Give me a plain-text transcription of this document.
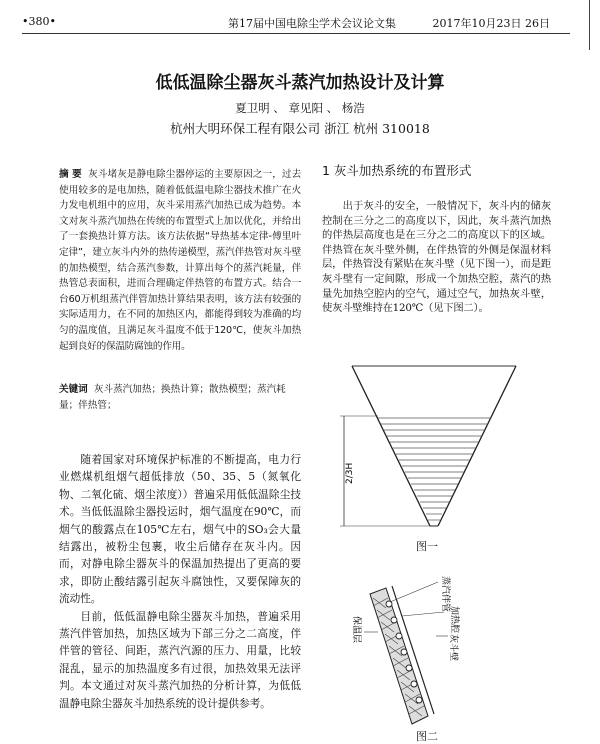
•380•	第17届中国电除尘学术会议论文集	2017年10月23日 26日
低低温除尘器灰斗蒸汽加热设计及计算
夏卫明 、 章见阳 、 杨浩
杭州大明环保工程有限公司 浙江 杭州 310018
摘 要 灰斗堵灰是静电除尘器停运的主要原因之一，过去使用较多的是电加热，随着低低温电除尘器技术推广在火力发电机组中的应用，灰斗采用蒸汽加热已成为趋势。本文对灰斗蒸汽加热在传统的布置型式上加以优化，并给出了一套换热计算方法。该方法依据“导热基本定律-傅里叶定律”，建立灰斗内外的热传递模型，蒸汽伴热管对灰斗壁的加热模型，结合蒸汽参数，计算出每个的蒸汽耗量，伴热管总表面积，进而合理确定伴热管的布置方式。结合一台60万机组蒸汽伴管加热计算结果表明，该方法有较强的实际适用力，在不同的加热区内，都能得到较为准确的均匀的温度值，且满足灰斗温度不低于120℃，使灰斗加热起到良好的保温防腐蚀的作用。
关键词 灰斗蒸汽加热；换热计算；散热模型；蒸汽耗量；伴热管；

随着国家对环境保护标准的不断提高，电力行业燃煤机组烟气超低排放（50、35、5（氮氧化物、二氧化硫、烟尘浓度））普遍采用低低温除尘技术。当低低温除尘器投运时，烟气温度在90℃，而烟气的酸露点在105℃左右，烟气中的SO₃会大量结露出，被粉尘包裹，收尘后储存在灰斗内。因而，对静电除尘器灰斗的保温加热提出了更高的要求，即防止酸结露引起灰斗腐蚀性，又要保障灰的流动性。

目前，低低温静电除尘器灰斗加热，普遍采用蒸汽伴管加热，加热区域为下部三分之二高度，伴伴管的管径、间距，蒸汽汽源的压力、用量，比较混乱，显示的加热温度多有过很，加热效果无法评判。本文通过对灰斗蒸汽加热的分析计算，为低低温静电除尘器灰斗加热系统的设计提供参考。

1 灰斗加热系统的布置形式

出于灰斗的安全，一般情况下，灰斗内的储灰控制在三分之二的高度以下，因此，灰斗蒸汽加热的伴热层高度也是在三分之二的高度以下的区域。伴热管在灰斗壁外侧，在伴热管的外侧是保温材料层，伴热管没有紧贴在灰斗壁（见下图一），而是距灰斗壁有一定间隙，形成一个加热空腔，蒸汽的热量先加热空腔内的空气，通过空气，加热灰斗壁，使灰斗壁维持在120℃（见下图二）。

2/3H
图一
蒸汽伴管
加热腔
灰斗壁
保温层
图二
